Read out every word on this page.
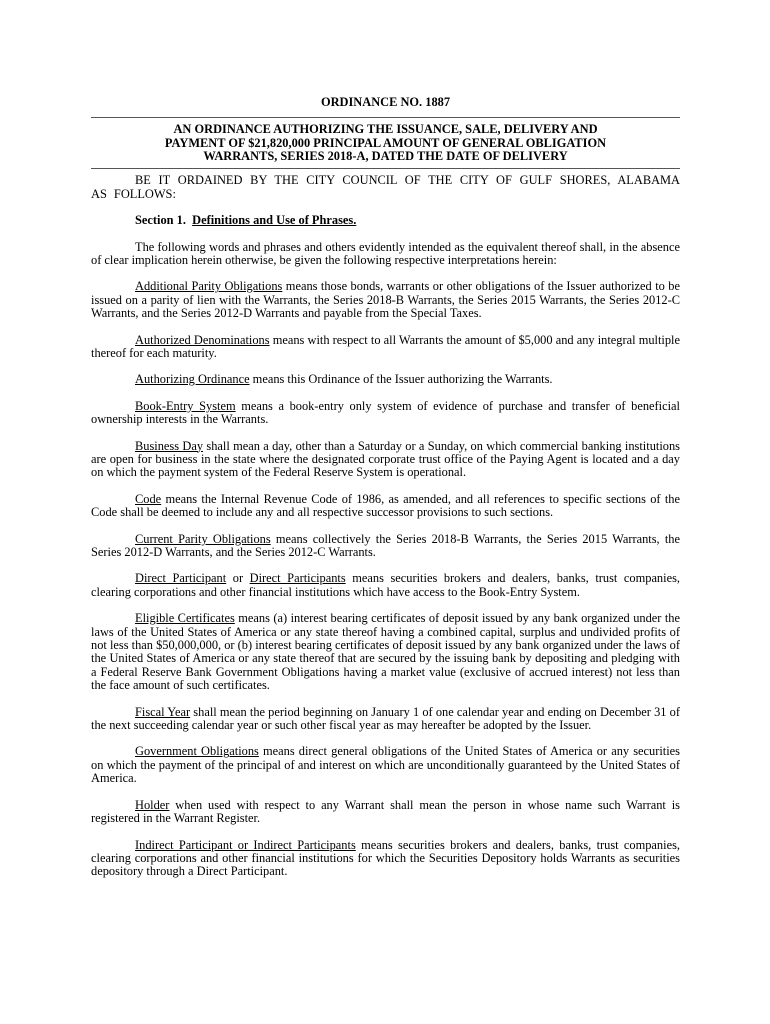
ORDINANCE NO. 1887

AN ORDINANCE AUTHORIZING THE ISSUANCE, SALE, DELIVERY AND
PAYMENT OF $21,820,000 PRINCIPAL AMOUNT OF GENERAL OBLIGATION
WARRANTS, SERIES 2018-A, DATED THE DATE OF DELIVERY

BE IT ORDAINED BY THE CITY COUNCIL OF THE CITY OF GULF SHORES, ALABAMA AS FOLLOWS:

Section 1. Definitions and Use of Phrases.

The following words and phrases and others evidently intended as the equivalent thereof shall, in the absence of clear implication herein otherwise, be given the following respective interpretations herein:

Additional Parity Obligations means those bonds, warrants or other obligations of the Issuer authorized to be issued on a parity of lien with the Warrants, the Series 2018-B Warrants, the Series 2015 Warrants, the Series 2012-C Warrants, and the Series 2012-D Warrants and payable from the Special Taxes.

Authorized Denominations means with respect to all Warrants the amount of $5,000 and any integral multiple thereof for each maturity.

Authorizing Ordinance means this Ordinance of the Issuer authorizing the Warrants.

Book-Entry System means a book-entry only system of evidence of purchase and transfer of beneficial ownership interests in the Warrants.

Business Day shall mean a day, other than a Saturday or a Sunday, on which commercial banking institutions are open for business in the state where the designated corporate trust office of the Paying Agent is located and a day on which the payment system of the Federal Reserve System is operational.

Code means the Internal Revenue Code of 1986, as amended, and all references to specific sections of the Code shall be deemed to include any and all respective successor provisions to such sections.

Current Parity Obligations means collectively the Series 2018-B Warrants, the Series 2015 Warrants, the Series 2012-D Warrants, and the Series 2012-C Warrants.

Direct Participant or Direct Participants means securities brokers and dealers, banks, trust companies, clearing corporations and other financial institutions which have access to the Book-Entry System.

Eligible Certificates means (a) interest bearing certificates of deposit issued by any bank organized under the laws of the United States of America or any state thereof having a combined capital, surplus and undivided profits of not less than $50,000,000, or (b) interest bearing certificates of deposit issued by any bank organized under the laws of the United States of America or any state thereof that are secured by the issuing bank by depositing and pledging with a Federal Reserve Bank Government Obligations having a market value (exclusive of accrued interest) not less than the face amount of such certificates.

Fiscal Year shall mean the period beginning on January 1 of one calendar year and ending on December 31 of the next succeeding calendar year or such other fiscal year as may hereafter be adopted by the Issuer.

Government Obligations means direct general obligations of the United States of America or any securities on which the payment of the principal of and interest on which are unconditionally guaranteed by the United States of America.

Holder when used with respect to any Warrant shall mean the person in whose name such Warrant is registered in the Warrant Register.

Indirect Participant or Indirect Participants means securities brokers and dealers, banks, trust companies, clearing corporations and other financial institutions for which the Securities Depository holds Warrants as securities depository through a Direct Participant.
